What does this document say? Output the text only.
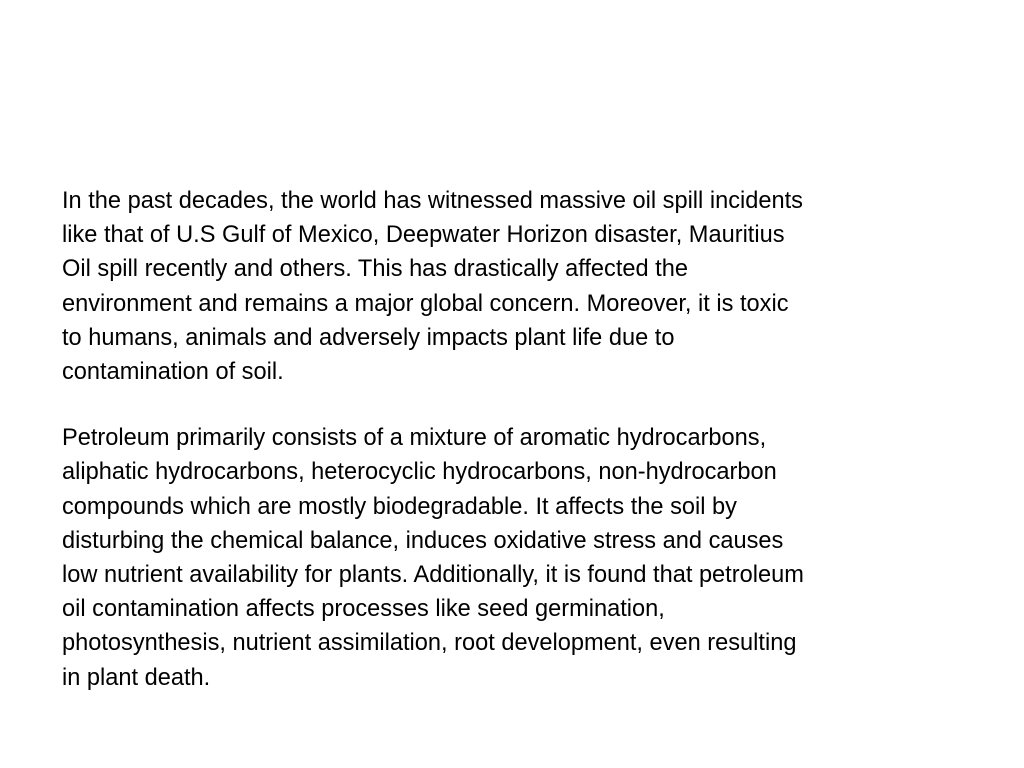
In the past decades, the world has witnessed massive oil spill incidents
like that of U.S Gulf of Mexico, Deepwater Horizon disaster, Mauritius
Oil spill recently and others. This has drastically affected the
environment and remains a major global concern. Moreover, it is toxic
to humans, animals and adversely impacts plant life due to
contamination of soil.

Petroleum primarily consists of a mixture of aromatic hydrocarbons,
aliphatic hydrocarbons, heterocyclic hydrocarbons, non-hydrocarbon
compounds which are mostly biodegradable. It affects the soil by
disturbing the chemical balance, induces oxidative stress and causes
low nutrient availability for plants. Additionally, it is found that petroleum
oil contamination affects processes like seed germination,
photosynthesis, nutrient assimilation, root development, even resulting
in plant death.
